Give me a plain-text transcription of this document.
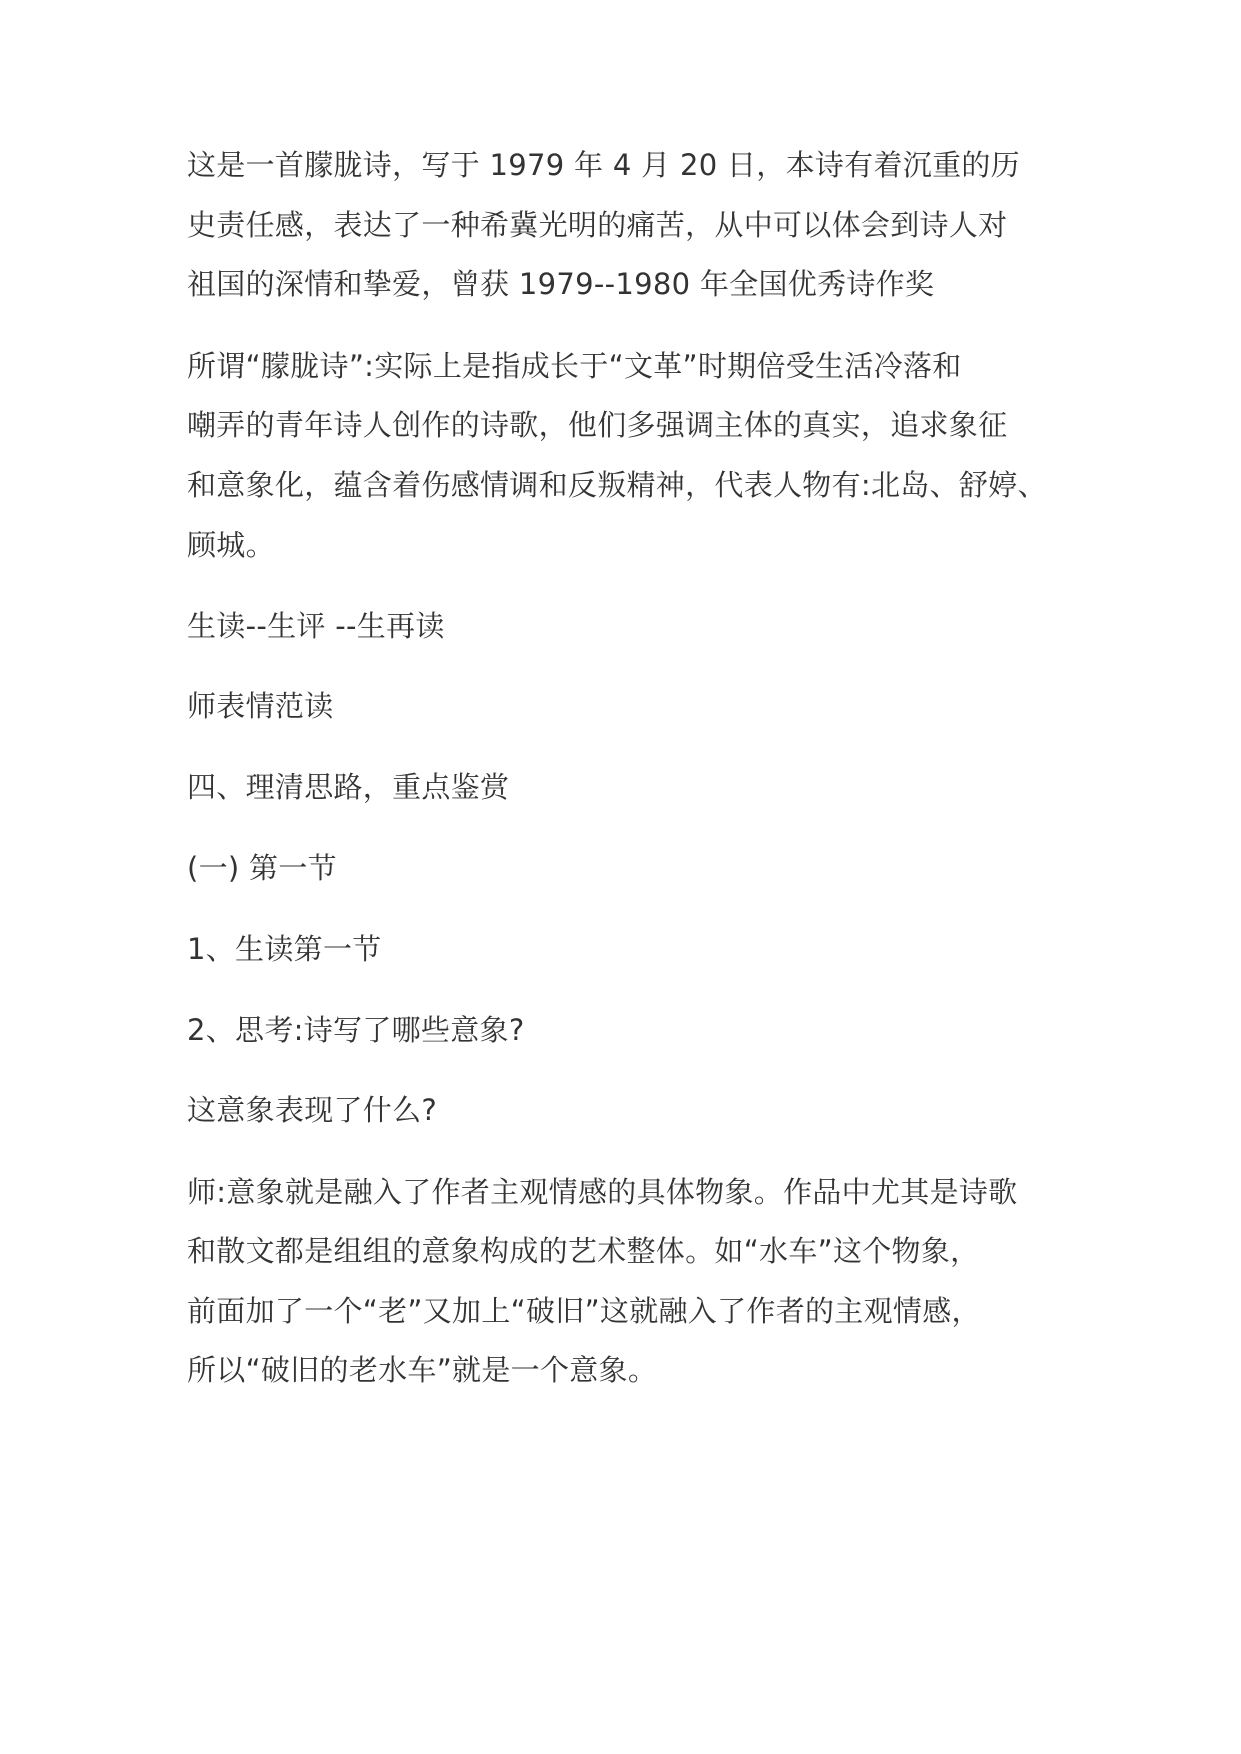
这是一首朦胧诗，写于 1979 年 4 月 20 日，本诗有着沉重的历
史责任感，表达了一种希冀光明的痛苦，从中可以体会到诗人对
祖国的深情和挚爱，曾获 1979--1980 年全国优秀诗作奖
所谓“朦胧诗”:实际上是指成长于“文革”时期倍受生活冷落和
嘲弄的青年诗人创作的诗歌，他们多强调主体的真实，追求象征
和意象化，蕴含着伤感情调和反叛精神，代表人物有:北岛、舒婷、
顾城。
生读--生评 --生再读
师表情范读
四、理清思路，重点鉴赏
(一) 第一节
1、生读第一节
2、思考:诗写了哪些意象?
这意象表现了什么?
师:意象就是融入了作者主观情感的具体物象。作品中尤其是诗歌
和散文都是组组的意象构成的艺术整体。如“水车”这个物象，
前面加了一个“老”又加上“破旧”这就融入了作者的主观情感，
所以“破旧的老水车”就是一个意象。
